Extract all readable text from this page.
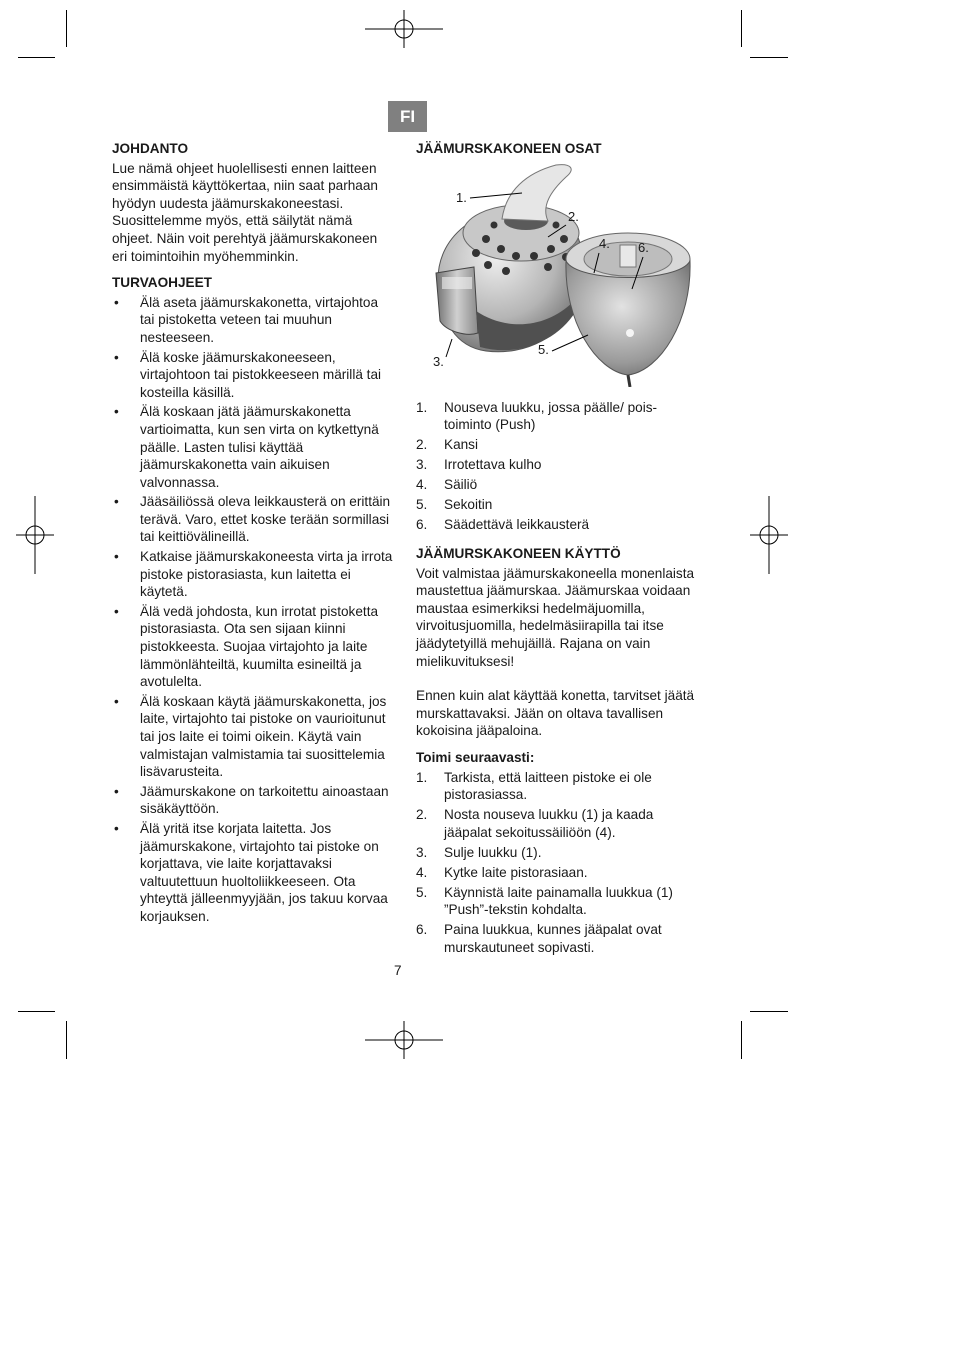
FI
JOHDANTO

Lue nämä ohjeet huolellisesti ennen laitteen ensimmäistä käyttökertaa, niin saat parhaan hyödyn uudesta jäämurskakoneestasi. Suosittelemme myös, että säilytät nämä ohjeet. Näin voit perehtyä jäämurskakoneen eri toimintoihin myöhemminkin.

TURVAOHJEET
• Älä aseta jäämurskakonetta, virtajohtoa tai pistoketta veteen tai muuhun nesteeseen.
• Älä koske jäämurskakoneeseen, virtajohtoon tai pistokkeeseen märillä tai kosteilla käsillä.
• Älä koskaan jätä jäämurskakonetta vartioimatta, kun sen virta on kytkettynä päälle. Lasten tulisi käyttää jäämurskakonetta vain aikuisen valvonnassa.
• Jääsäiliössä oleva leikkausterä on erittäin terävä. Varo, ettet koske terään sormillasi tai keittiövälineillä.
• Katkaise jäämurskakoneesta virta ja irrota pistoke pistorasiasta, kun laitetta ei käytetä.
• Älä vedä johdosta, kun irrotat pistoketta pistorasiasta. Ota sen sijaan kiinni pistokkeesta. Suojaa virtajohto ja laite lämmönlähteiltä, kuumilta esineiltä ja avotulelta.
• Älä koskaan käytä jäämurskakonetta, jos laite, virtajohto tai pistoke on vaurioitunut tai jos laite ei toimi oikein. Käytä vain valmistajan valmistamia tai suosittelemia lisävarusteita.
• Jäämurskakone on tarkoitettu ainoastaan sisäkäyttöön.
• Älä yritä itse korjata laitetta. Jos jäämurskakone, virtajohto tai pistoke on korjattava, vie laite korjattavaksi valtuutettuun huoltoliikkeeseen. Ota yhteyttä jälleenmyyjään, jos takuu korvaa korjauksen.
JÄÄMURSKAKONEEN OSAT
1.
2.
3.
4. 6.
5.
1. Nouseva luukku, jossa päälle/ pois-toiminto (Push)
2. Kansi
3. Irrotettava kulho
4. Säiliö
5. Sekoitin
6. Säädettävä leikkausterä
JÄÄMURSKAKONEEN KÄYTTÖ

Voit valmistaa jäämurskakoneella monenlaista maustettua jäämurskaa. Jäämurskaa voidaan maustaa esimerkiksi hedelmäjuomilla, virvoitusjuomilla, hedelmäsiirapilla tai itse jäädytetyillä mehujäillä. Rajana on vain mielikuvituksesi!

Ennen kuin alat käyttää konetta, tarvitset jäätä murskattavaksi. Jään on oltava tavallisen kokoisina jääpaloina.

Toimi seuraavasti:
1. Tarkista, että laitteen pistoke ei ole pistorasiassa.
2. Nosta nouseva luukku (1) ja kaada jääpalat sekoitussäiliöön (4).
3. Sulje luukku (1).
4. Kytke laite pistorasiaan.
5. Käynnistä laite painamalla luukkua (1) ”Push”-tekstin kohdalta.
6. Paina luukkua, kunnes jääpalat ovat murskautuneet sopivasti.
7
